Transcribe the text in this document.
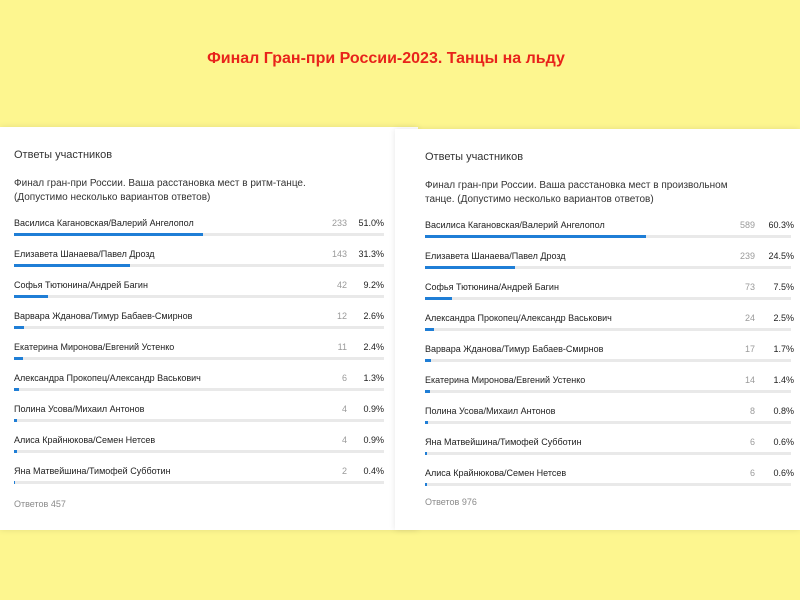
Финал Гран-при России-2023. Танцы на льду
Ответы участников
Финал гран-при России. Ваша расстановка мест в ритм-танце.
(Допустимо несколько вариантов ответов)
Василиса Кагановская/Валерий Ангелопол	233	51.0%
Елизавета Шанаева/Павел Дрозд	143	31.3%
Софья Тютюнина/Андрей Багин	42	9.2%
Варвара Жданова/Тимур Бабаев-Смирнов	12	2.6%
Екатерина Миронова/Евгений Устенко	11	2.4%
Александра Прокопец/Александр Васькович	6	1.3%
Полина Усова/Михаил Антонов	4	0.9%
Алиса Крайнюкова/Семен Нетсев	4	0.9%
Яна Матвейшина/Тимофей Субботин	2	0.4%
Ответов 457
Ответы участников
Финал гран-при России. Ваша расстановка мест в произвольном
танце. (Допустимо несколько вариантов ответов)
Василиса Кагановская/Валерий Ангелопол	589	60.3%
Елизавета Шанаева/Павел Дрозд	239	24.5%
Софья Тютюнина/Андрей Багин	73	7.5%
Александра Прокопец/Александр Васькович	24	2.5%
Варвара Жданова/Тимур Бабаев-Смирнов	17	1.7%
Екатерина Миронова/Евгений Устенко	14	1.4%
Полина Усова/Михаил Антонов	8	0.8%
Яна Матвейшина/Тимофей Субботин	6	0.6%
Алиса Крайнюкова/Семен Нетсев	6	0.6%
Ответов 976
